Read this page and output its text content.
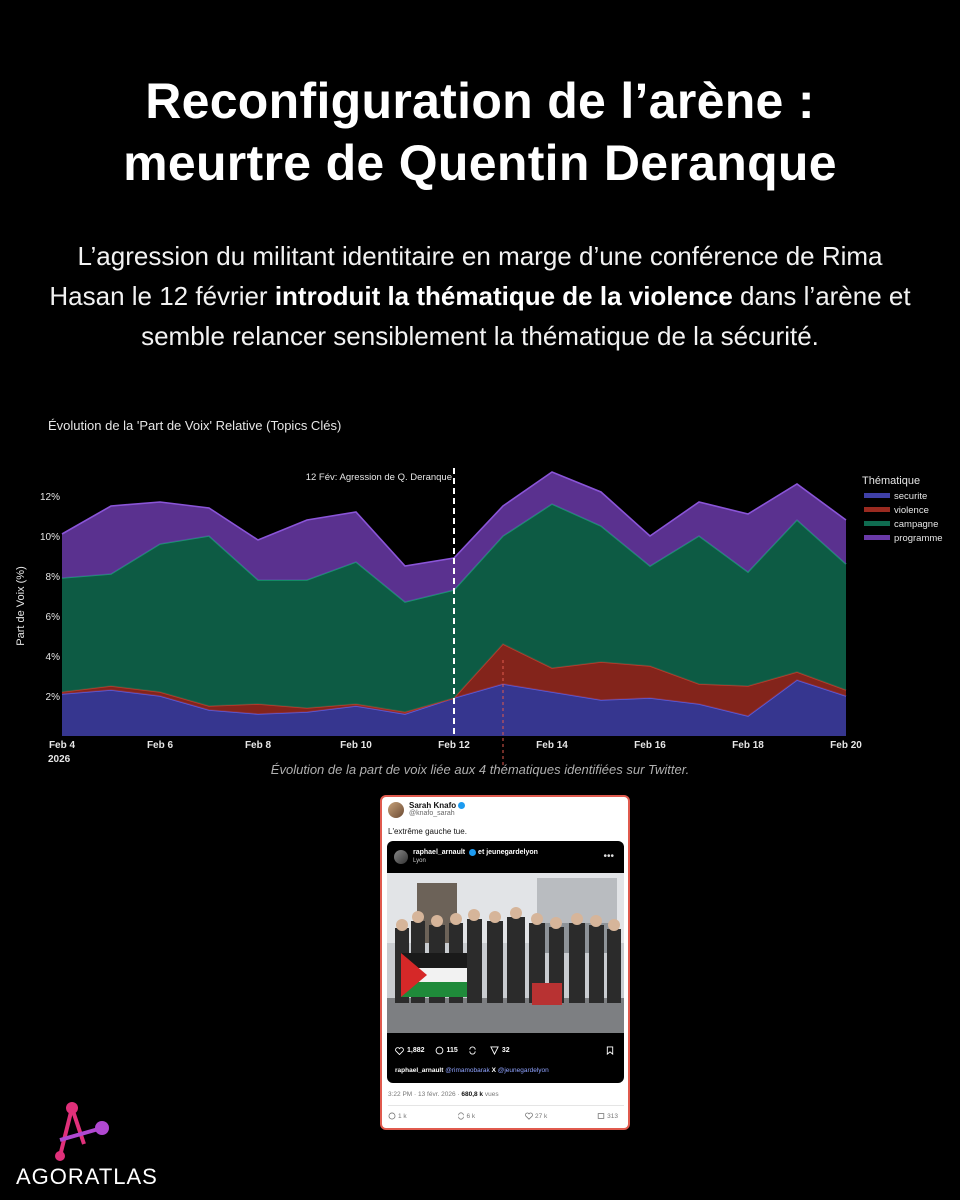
Reconfiguration de l’arène :
meurtre de Quentin Deranque
L’agression du militant identitaire en marge d’une conférence de Rima Hasan le 12 février introduit la thématique de la violence dans l’arène et semble relancer sensiblement la thématique de la sécurité.
Évolution de la 'Part de Voix' Relative (Topics Clés)
2%
4%
6%
8%
10%
12%
Part de Voix (%)
Feb 4
2026
Feb 6	Feb 8	Feb 10	Feb 12	Feb 14	Feb 16	Feb 18	Feb 20
12 Fév: Agression de Q. Deranque	Thématique
securite
violence
campagne
programme
Évolution de la part de voix liée aux 4 thématiques identifiées sur Twitter.
Sarah Knafo
@knafo_sarah
L'extrême gauche tue.
raphael_arnault et jeunegardelyon
Lyon	•••
1,882	115	32
raphael_arnault @rimamobarak X @jeunegardelyon
3:22 PM · 13 févr. 2026 · 680,8 k vues
1 k	6 k	27 k	313
AGORATLAS
